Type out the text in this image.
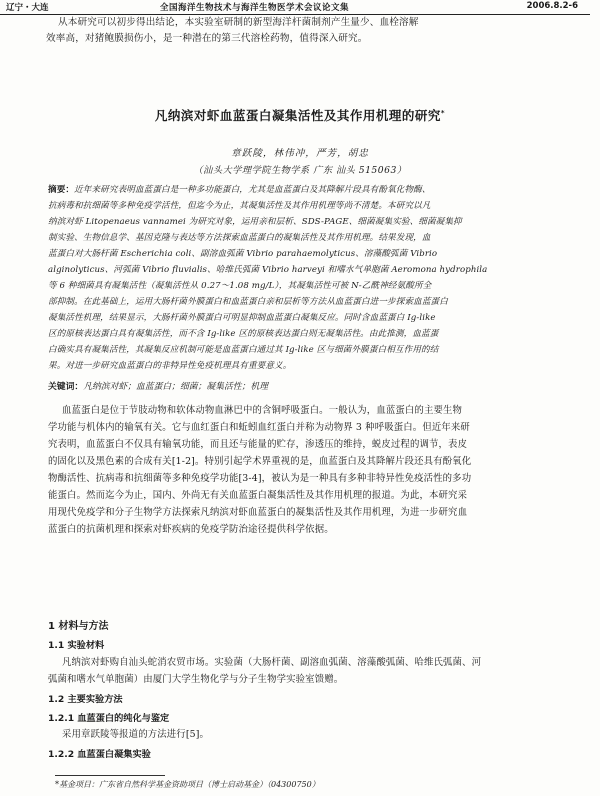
辽宁・大连	全国海洋生物技术与海洋生物医学术会议论文集	2006.8.2-6
从本研究可以初步得出结论，本实验室研制的新型海洋杆菌制剂产生量少、血栓溶解
效率高，对猪鲍膜损伤小，是一种潜在的第三代溶栓药物，值得深入研究。
凡纳滨对虾血蓝蛋白凝集活性及其作用机理的研究*
章跃陵，林伟冲，严芳，胡忠
（汕头大学理学院生物学系 广东 汕头 515063）
摘要：近年来研究表明血蓝蛋白是一种多功能蛋白，尤其是血蓝蛋白及其降解片段具有酚氧化物酶、
抗病毒和抗细菌等多种免疫学活性，但迄今为止，其凝集活性及其作用机理等尚不清楚。本研究以凡
纳滨对虾 Litopenaeus vannamei 为研究对象，运用亲和层析、SDS-PAGE、细菌凝集实验、细菌凝集抑
制实验、生物信息学、基因克隆与表达等方法探索血蓝蛋白的凝集活性及其作用机理。结果发现，血
蓝蛋白对大肠杆菌 Escherichia coli、副溶血弧菌 Vibrio parahaemolyticus、溶藻酸弧菌 Vibrio
alginolyticus、河弧菌 Vibrio fluvialis、哈维氏弧菌 Vibrio harveyi 和嗜水气单胞菌 Aeromona hydrophila
等 6 种细菌具有凝集活性（凝集活性从 0.27～1.08 mg/L），其凝集活性可被 N-乙酰神经氨酸所全
部抑制。在此基础上，运用大肠杆菌外膜蛋白和血蓝蛋白亲和层析等方法从血蓝蛋白进一步探索血蓝蛋白
凝集活性机理，结果显示，大肠杆菌外膜蛋白可明显抑制血蓝蛋白凝集反应。同时含血蓝蛋白 Ig-like
区的原核表达蛋白具有凝集活性，而不含 Ig-like 区的原核表达蛋白则无凝集活性。由此推测，血蓝蛋
白确实具有凝集活性，其凝集反应机制可能是血蓝蛋白通过其 Ig-like 区与细菌外膜蛋白相互作用的结
果。对进一步研究血蓝蛋白的非特异性免疫机理具有重要意义。
关键词：凡纳滨对虾；血蓝蛋白；细菌；凝集活性；机理
血蓝蛋白是位于节肢动物和软体动物血淋巴中的含铜呼吸蛋白。一般认为，血蓝蛋白的主要生物
学功能与机体内的输氧有关。它与血红蛋白和蚯蚓血红蛋白并称为动物界 3 种呼吸蛋白。但近年来研
究表明，血蓝蛋白不仅具有输氧功能，而且还与能量的贮存，渗透压的维持，蜕皮过程的调节，表皮
的固化以及黑色素的合成有关[1-2]。特别引起学术界重视的是，血蓝蛋白及其降解片段还具有酚氧化
物酶活性、抗病毒和抗细菌等多种免疫学功能[3-4]，被认为是一种具有多种非特异性免疫活性的多功
能蛋白。然而迄今为止，国内、外尚无有关血蓝蛋白凝集活性及其作用机理的报道。为此，本研究采
用现代免疫学和分子生物学方法探索凡纳滨对虾血蓝蛋白的凝集活性及其作用机理，为进一步研究血
蓝蛋白的抗菌机理和探索对虾疾病的免疫学防治途径提供科学依据。
1 材料与方法
1.1 实验材料
凡纳滨对虾购自汕头蛇消农贸市场。实验菌（大肠杆菌、副溶血弧菌、溶藻酸弧菌、哈维氏弧菌、河
弧菌和嗜水气单胞菌）由厦门大学生物化学与分子生物学实验室馈赠。
1.2 主要实验方法
1.2.1 血蓝蛋白的纯化与鉴定
采用章跃陵等报道的方法进行[5]。
1.2.2 血蓝蛋白凝集实验
*基金项目：广东省自然科学基金资助项目（博士启动基金）（04300750）
